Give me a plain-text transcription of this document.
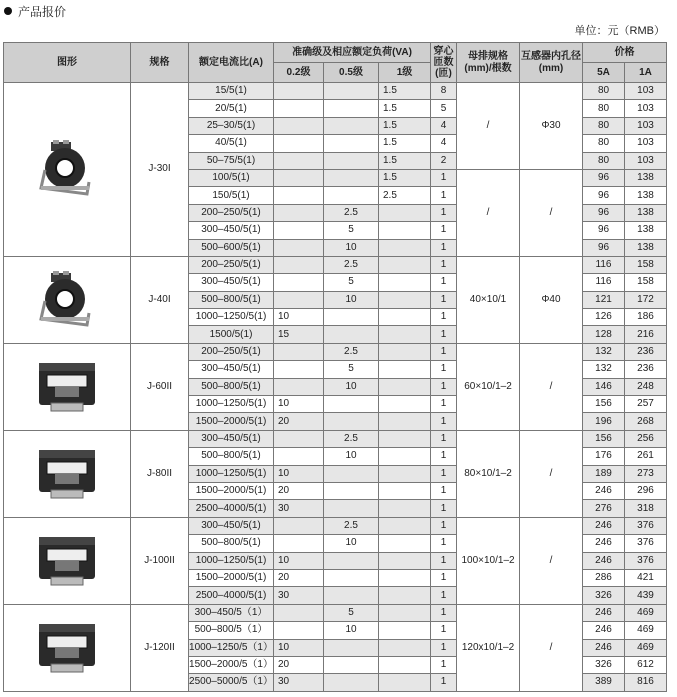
产品报价
单位：元（RMB）
图形	规格	额定电流比(A)	准确级及相应额定负荷(VA)			穿心匝数(匝)	母排规格(mm)/根数	互感器内孔径(mm)	价格	
			0.2级	0.5级	1级				5A	1A

	J-30I	15/5(1)			1.5	8	/	Φ30	80	103
		20/5(1)			1.5	5			80	103
		25–30/5(1)			1.5	4			80	103
		40/5(1)			1.5	4			80	103
		50–75/5(1)			1.5	2			80	103
		100/5(1)			1.5	1	/	/	96	138
		150/5(1)			2.5	1			96	138
		200–250/5(1)		2.5		1			96	138
		300–450/5(1)		5		1			96	138
		500–600/5(1)		10		1			96	138

	J-40I	200–250/5(1)		2.5		1	40×10/1	Φ40	116	158
		300–450/5(1)		5		1			116	158
		500–800/5(1)		10		1			121	172
		1000–1250/5(1)	10			1			126	186
		1500/5(1)	15			1			128	216

	J-60II	200–250/5(1)		2.5		1	60×10/1–2	/	132	236
		300–450/5(1)		5		1			132	236
		500–800/5(1)		10		1			146	248
		1000–1250/5(1)	10			1			156	257
		1500–2000/5(1)	20			1			196	268

	J-80II	300–450/5(1)		2.5		1	80×10/1–2	/	156	256
		500–800/5(1)		10		1			176	261
		1000–1250/5(1)	10			1			189	273
		1500–2000/5(1)	20			1			246	296
		2500–4000/5(1)	30			1			276	318

	J-100II	300–450/5(1)		2.5		1	100×10/1–2	/	246	376
		500–800/5(1)		10		1			246	376
		1000–1250/5(1)	10			1			246	376
		1500–2000/5(1)	20			1			286	421
		2500–4000/5(1)	30			1			326	439

	J-120II	300–450/5（1）		5		1	120x10/1–2	/	246	469
		500–800/5（1）		10		1			246	469
		1000–1250/5（1）	10			1			246	469
		1500–2000/5（1）	20			1			326	612
		2500–5000/5（1）	30			1			389	816
